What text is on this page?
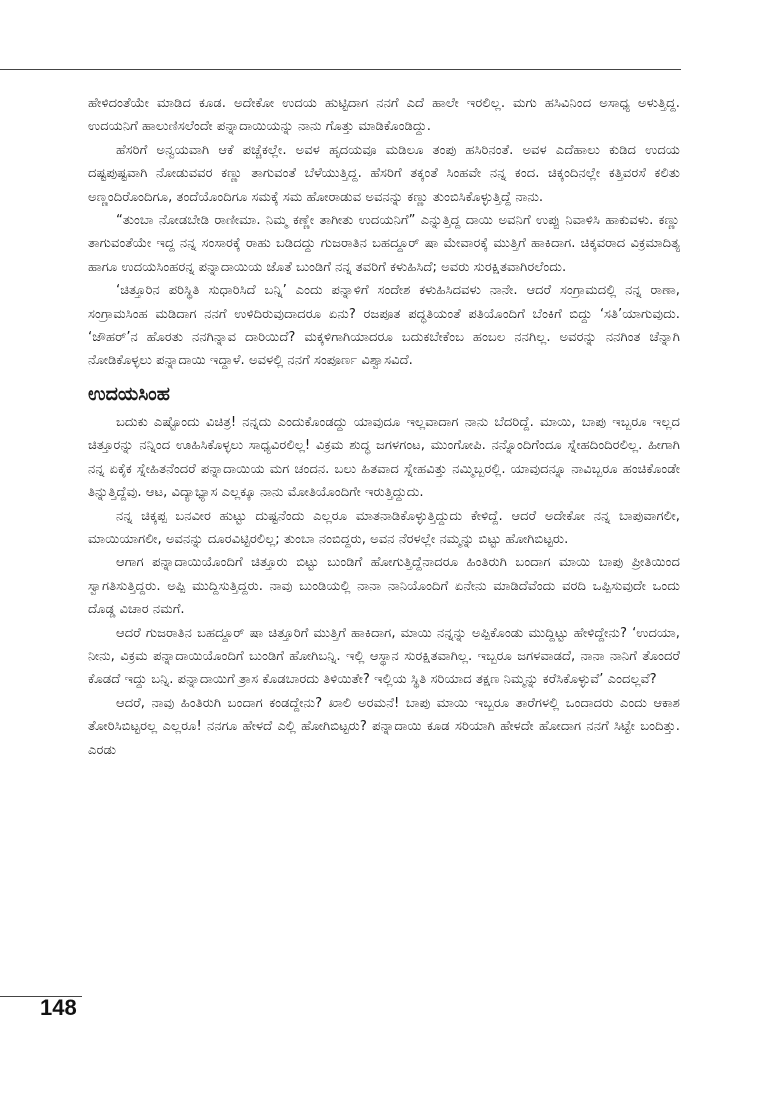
ಹೇಳಿದಂತೆಯೇ ಮಾಡಿದ ಕೂಡ. ಅದೇಕೋ ಉದಯ ಹುಟ್ಟಿದಾಗ ನನಗೆ ಎದೆ ಹಾಲೇ ಇರಲಿಲ್ಲ. ಮಗು ಹಸಿವಿನಿಂದ ಅಸಾಧ್ಯ ಅಳುತ್ತಿದ್ದ. ಉದಯನಿಗೆ ಹಾಲುಣಿಸಲೆಂದೇ ಪನ್ನಾದಾಯಿಯನ್ನು ನಾನು ಗೊತ್ತು ಮಾಡಿಕೊಂಡಿದ್ದು.

ಹೆಸರಿಗೆ ಅನ್ವಯವಾಗಿ ಆಕೆ ಪಚ್ಚೆಕಲ್ಲೇ. ಅವಳ ಹೃದಯವೂ ಮಡಿಲೂ ತಂಪು ಹಸಿರಿನಂತೆ. ಅವಳ ಎದೆಹಾಲು ಕುಡಿದ ಉದಯ ದಷ್ಟಪುಷ್ಟವಾಗಿ ನೋಡುವವರ ಕಣ್ಣು ತಾಗುವಂತೆ ಬೆಳೆಯುತ್ತಿದ್ದ. ಹೆಸರಿಗೆ ತಕ್ಕಂತೆ ಸಿಂಹವೇ ನನ್ನ ಕಂದ. ಚಿಕ್ಕಂದಿನಲ್ಲೇ ಕತ್ತಿವರಸೆ ಕಲಿತು ಅಣ್ಣಂದಿರೊಂದಿಗೂ, ತಂದೆಯೊಂದಿಗೂ ಸಮಕ್ಕೆ ಸಮ ಹೋರಾಡುವ ಅವನನ್ನು ಕಣ್ಣು ತುಂಬಿಸಿಕೊಳ್ಳುತ್ತಿದ್ದೆ ನಾನು.

“ತುಂಬಾ ನೋಡಬೇಡಿ ರಾಣೀಮಾ. ನಿಮ್ಮ ಕಣ್ಣೇ ತಾಗೀತು ಉದಯನಿಗೆ” ಎನ್ನುತ್ತಿದ್ದ ದಾಯಿ ಅವನಿಗೆ ಉಪ್ಪು ನಿವಾಳಿಸಿ ಹಾಕುವಳು. ಕಣ್ಣು ತಾಗುವಂತೆಯೇ ಇದ್ದ ನನ್ನ ಸಂಸಾರಕ್ಕೆ ರಾಹು ಬಡಿದದ್ದು ಗುಜರಾತಿನ ಬಹದ್ದೂರ್ ಷಾ ಮೇವಾರಕ್ಕೆ ಮುತ್ತಿಗೆ ಹಾಕಿದಾಗ. ಚಿಕ್ಕವರಾದ ವಿಕ್ರಮಾದಿತ್ಯ ಹಾಗೂ ಉದಯಸಿಂಹರನ್ನ ಪನ್ನಾದಾಯಿಯ ಜೊತೆ ಬುಂಡಿಗೆ ನನ್ನ ತವರಿಗೆ ಕಳುಹಿಸಿದೆ; ಅವರು ಸುರಕ್ಷಿತವಾಗಿರಲೆಂದು.

‘ಚಿತ್ತೂರಿನ ಪರಿಸ್ಥಿತಿ ಸುಧಾರಿಸಿದೆ ಬನ್ನಿ’ ಎಂದು ಪನ್ನಾಳಿಗೆ ಸಂದೇಶ ಕಳುಹಿಸಿದವಳು ನಾನೇ. ಆದರೆ ಸಂಗ್ರಾಮದಲ್ಲಿ ನನ್ನ ರಾಣಾ, ಸಂಗ್ರಾಮಸಿಂಹ ಮಡಿದಾಗ ನನಗೆ ಉಳಿದಿರುವುದಾದರೂ ಏನು? ರಜಪೂತ ಪದ್ಧತಿಯಂತೆ ಪತಿಯೊಂದಿಗೆ ಬೆಂಕಿಗೆ ಬಿದ್ದು ‘ಸತಿ’ಯಾಗುವುದು. ‘ಜೌಹರ್’ನ ಹೊರತು ನನಗಿನ್ನಾವ ದಾರಿಯಿದೆ? ಮಕ್ಕಳಿಗಾಗಿಯಾದರೂ ಬದುಕಬೇಕೆಂಬ ಹಂಬಲ ನನಗಿಲ್ಲ. ಅವರನ್ನು ನನಗಿಂತ ಚೆನ್ನಾಗಿ ನೋಡಿಕೊಳ್ಳಲು ಪನ್ನಾದಾಯಿ ಇದ್ದಾಳೆ. ಅವಳಲ್ಲಿ ನನಗೆ ಸಂಪೂರ್ಣ ವಿಶ್ವಾಸವಿದೆ.

ಉದಯಸಿಂಹ

ಬದುಕು ಎಷ್ಟೊಂದು ವಿಚಿತ್ರ! ನನ್ನದು ಎಂದುಕೊಂಡದ್ದು ಯಾವುದೂ ಇಲ್ಲವಾದಾಗ ನಾನು ಬೆದರಿದ್ದೆ. ಮಾಯಿ, ಬಾಪು ಇಬ್ಬರೂ ಇಲ್ಲದ ಚಿತ್ತೂರನ್ನು ನನ್ನಿಂದ ಊಹಿಸಿಕೊಳ್ಳಲು ಸಾಧ್ಯವಿರಲಿಲ್ಲ! ವಿಕ್ರಮ ಶುದ್ಧ ಜಗಳಗಂಟ, ಮುಂಗೋಪಿ. ನನ್ನೊಂದಿಗೆಂದೂ ಸ್ನೇಹದಿಂದಿರಲಿಲ್ಲ. ಹೀಗಾಗಿ ನನ್ನ ಏಕೈಕ ಸ್ನೇಹಿತನೆಂದರೆ ಪನ್ನಾದಾಯಿಯ ಮಗ ಚಂದನ. ಬಲು ಹಿತವಾದ ಸ್ನೇಹವಿತ್ತು ನಮ್ಮಿಬ್ಬರಲ್ಲಿ. ಯಾವುದನ್ನೂ ನಾವಿಬ್ಬರೂ ಹಂಚಿಕೊಂಡೇ ತಿನ್ನುತ್ತಿದ್ದೆವು. ಆಟ, ವಿದ್ಯಾಭ್ಯಾಸ ಎಲ್ಲಕ್ಕೂ ನಾನು ಮೋತಿಯೊಂದಿಗೇ ಇರುತ್ತಿದ್ದುದು.

ನನ್ನ ಚಿಕ್ಕಪ್ಪ ಬನವೀರ ಹುಟ್ಟು ದುಷ್ಟನೆಂದು ಎಲ್ಲರೂ ಮಾತನಾಡಿಕೊಳ್ಳುತ್ತಿದ್ದುದು ಕೇಳಿದ್ದೆ. ಆದರೆ ಅದೇಕೋ ನನ್ನ ಬಾಪುವಾಗಲೀ, ಮಾಯಿಯಾಗಲೀ, ಅವನನ್ನು ದೂರವಿಟ್ಟಿರಲಿಲ್ಲ; ತುಂಬಾ ನಂಬಿದ್ದರು, ಅವನ ನೆರಳಲ್ಲೇ ನಮ್ಮನ್ನು ಬಿಟ್ಟು ಹೋಗಿಬಿಟ್ಟರು.

ಆಗಾಗ ಪನ್ನಾದಾಯಿಯೊಂದಿಗೆ ಚಿತ್ತೂರು ಬಿಟ್ಟು ಬುಂಡಿಗೆ ಹೋಗುತ್ತಿದ್ದೆನಾದರೂ ಹಿಂತಿರುಗಿ ಬಂದಾಗ ಮಾಯಿ ಬಾಪು ಪ್ರೀತಿಯಿಂದ ಸ್ವಾಗತಿಸುತ್ತಿದ್ದರು. ಅಪ್ಪಿ ಮುದ್ದಿಸುತ್ತಿದ್ದರು. ನಾವು ಬುಂಡಿಯಲ್ಲಿ ನಾನಾ ನಾನಿಯೊಂದಿಗೆ ಏನೇನು ಮಾಡಿದೆವೆಂದು ವರದಿ ಒಪ್ಪಿಸುವುದೇ ಒಂದು ದೊಡ್ಡ ವಿಚಾರ ನಮಗೆ.

ಆದರೆ ಗುಜರಾತಿನ ಬಹದ್ದೂರ್ ಷಾ ಚಿತ್ತೂರಿಗೆ ಮುತ್ತಿಗೆ ಹಾಕಿದಾಗ, ಮಾಯಿ ನನ್ನನ್ನು ಅಪ್ಪಿಕೊಂಡು ಮುದ್ದಿಟ್ಟು ಹೇಳಿದ್ದೇನು? ‘ಉದಯಾ, ನೀನು, ವಿಕ್ರಮ ಪನ್ನಾದಾಯಿಯೊಂದಿಗೆ ಬುಂಡಿಗೆ ಹೋಗಿಬನ್ನಿ. ಇಲ್ಲಿ ಆಸ್ಥಾನ ಸುರಕ್ಷಿತವಾಗಿಲ್ಲ. ಇಬ್ಬರೂ ಜಗಳವಾಡದೆ, ನಾನಾ ನಾನಿಗೆ ತೊಂದರೆ ಕೊಡದೆ ಇದ್ದು ಬನ್ನಿ. ಪನ್ನಾದಾಯಿಗೆ ತ್ರಾಸ ಕೊಡಬಾರದು ತಿಳಿಯಿತೇ? ಇಲ್ಲಿಯ ಸ್ಥಿತಿ ಸರಿಯಾದ ತಕ್ಷಣ ನಿಮ್ಮನ್ನು ಕರೆಸಿಕೊಳ್ಳುವೆ’ ಎಂದಲ್ಲವೆ?

ಆದರೆ, ನಾವು ಹಿಂತಿರುಗಿ ಬಂದಾಗ ಕಂಡದ್ದೇನು? ಖಾಲಿ ಅರಮನೆ! ಬಾಪು ಮಾಯಿ ಇಬ್ಬರೂ ತಾರೆಗಳಲ್ಲಿ ಒಂದಾದರು ಎಂದು ಆಕಾಶ ತೋರಿಸಿಬಿಟ್ಟರಲ್ಲ ಎಲ್ಲರೂ! ನನಗೂ ಹೇಳದೆ ಎಲ್ಲಿ ಹೋಗಿಬಿಟ್ಟರು? ಪನ್ನಾದಾಯಿ ಕೂಡ ಸರಿಯಾಗಿ ಹೇಳದೇ ಹೋದಾಗ ನನಗೆ ಸಿಟ್ಟೇ ಬಂದಿತ್ತು. ಎರಡು

148
